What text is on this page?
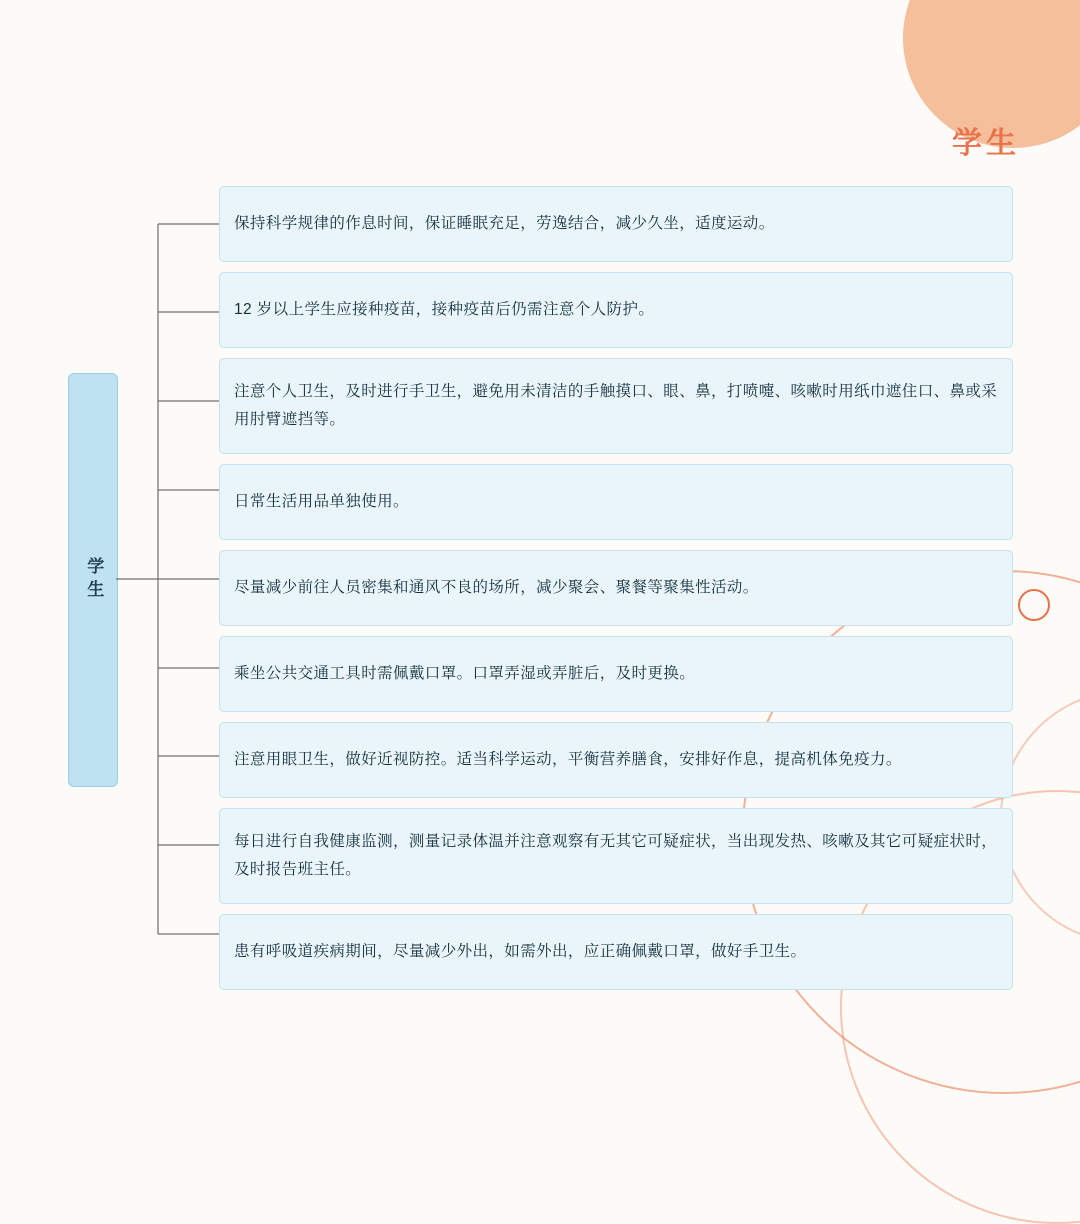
学生
学生
保持科学规律的作息时间，保证睡眠充足，劳逸结合，减少久坐，适度运动。
12 岁以上学生应接种疫苗，接种疫苗后仍需注意个人防护。
注意个人卫生，及时进行手卫生，避免用未清洁的手触摸口、眼、鼻，打喷嚏、咳嗽时用纸巾遮住口、鼻或采用肘臂遮挡等。
日常生活用品单独使用。
尽量减少前往人员密集和通风不良的场所，减少聚会、聚餐等聚集性活动。
乘坐公共交通工具时需佩戴口罩。口罩弄湿或弄脏后，及时更换。
注意用眼卫生，做好近视防控。适当科学运动，平衡营养膳食，安排好作息，提高机体免疫力。
每日进行自我健康监测，测量记录体温并注意观察有无其它可疑症状，当出现发热、咳嗽及其它可疑症状时，及时报告班主任。
患有呼吸道疾病期间，尽量减少外出，如需外出，应正确佩戴口罩，做好手卫生。
